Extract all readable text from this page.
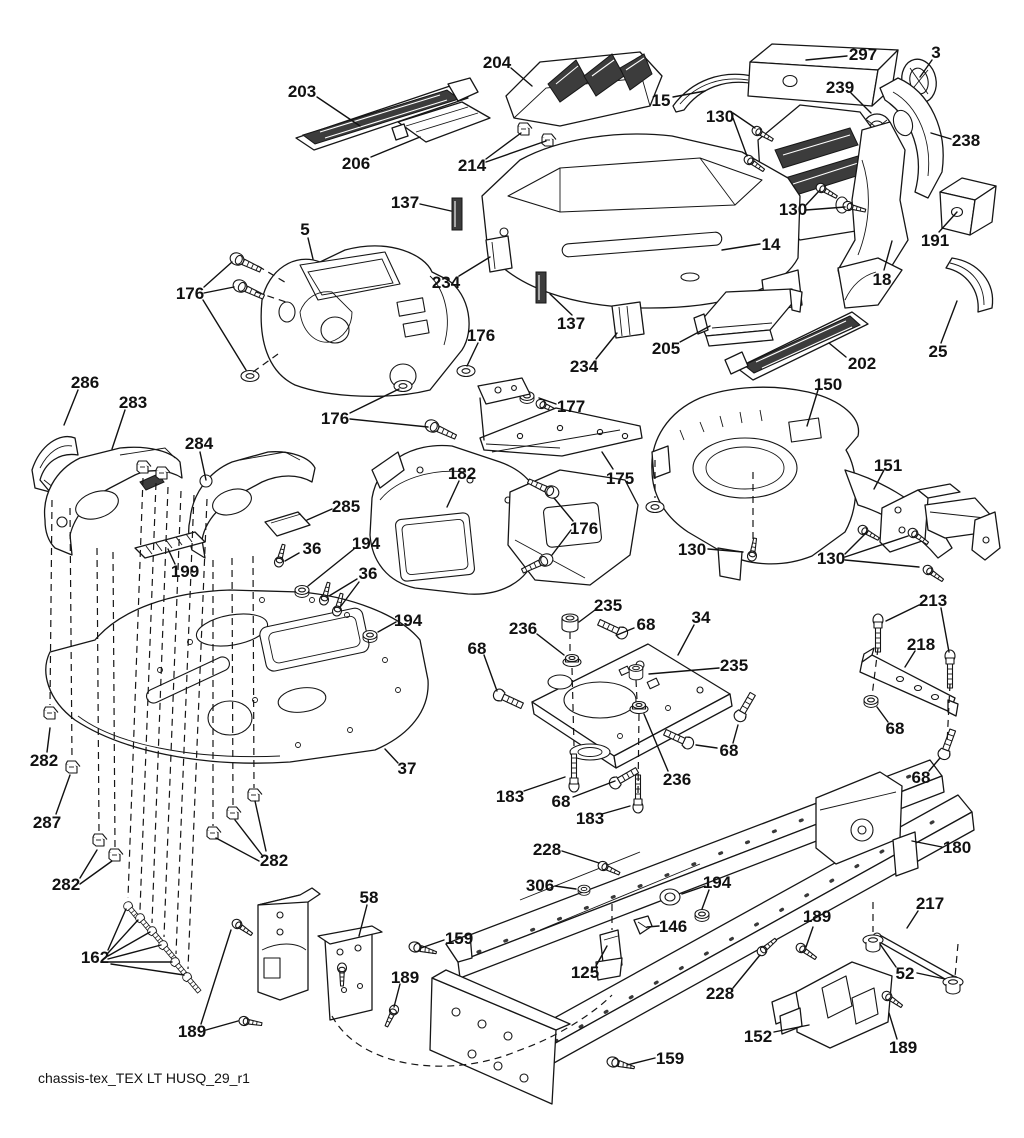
203
204
206	214
15
297	3
239
238
130
130
191
14
18
25
137
234
5
176
176
137
234
205
202
177
175
176
182
285
286
283
284
199
36 194
36
194
176
130	130
150
151
213
218
235
236	68 34
235
68
68
236
68
183
183
68
68
37
282
287
282
282
162
58
159
189
189
180
228
306	194
146
125
228
189
217
52
152
189
159
chassis-tex_TEX LT HUSQ_29_r1
